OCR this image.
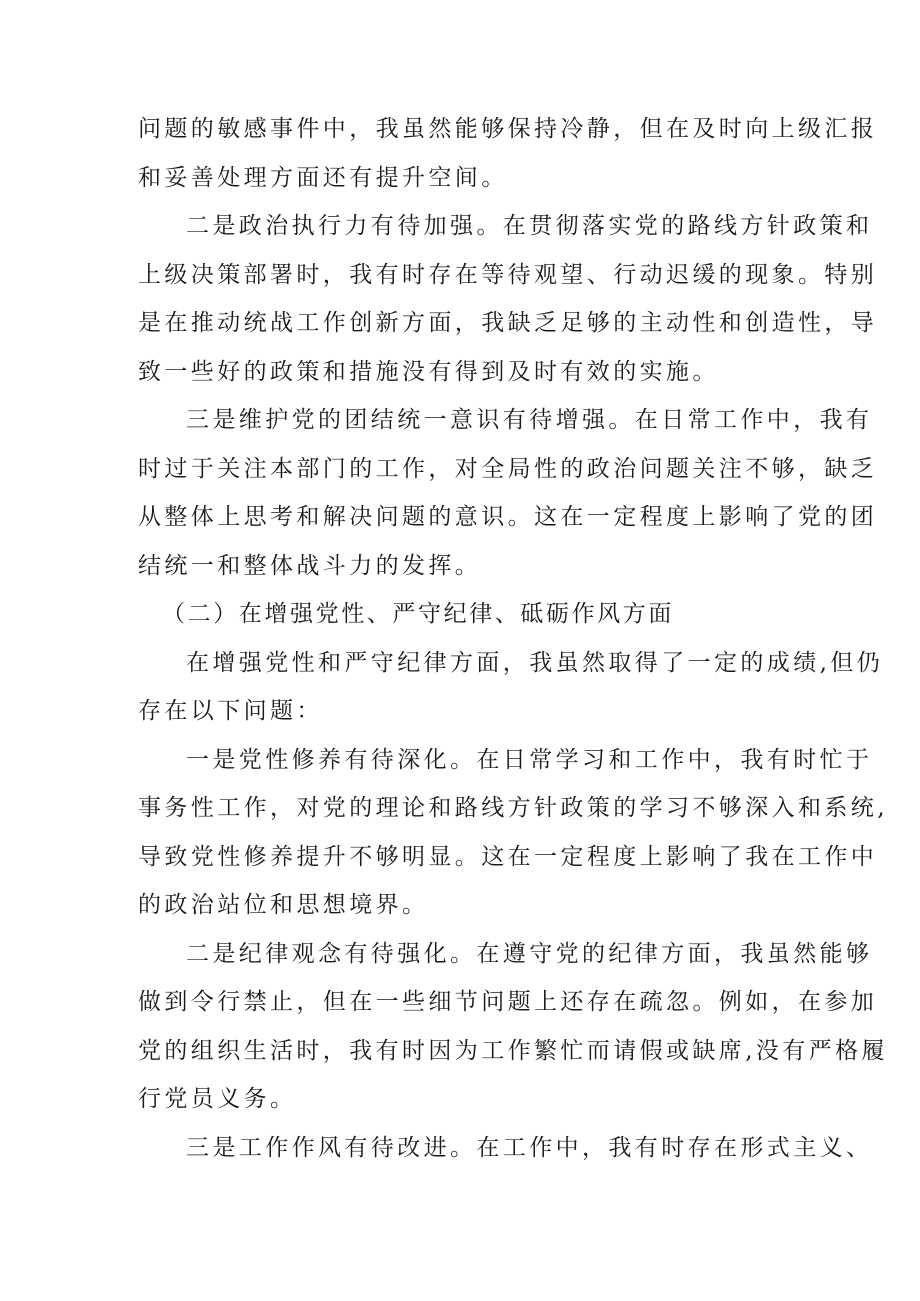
问题的敏感事件中，我虽然能够保持冷静，但在及时向上级汇报
和妥善处理方面还有提升空间。
二是政治执行力有待加强。在贯彻落实党的路线方针政策和
上级决策部署时，我有时存在等待观望、行动迟缓的现象。特别
是在推动统战工作创新方面，我缺乏足够的主动性和创造性，导
致一些好的政策和措施没有得到及时有效的实施。
三是维护党的团结统一意识有待增强。在日常工作中，我有
时过于关注本部门的工作，对全局性的政治问题关注不够，缺乏
从整体上思考和解决问题的意识。这在一定程度上影响了党的团
结统一和整体战斗力的发挥。
（二）在增强党性、严守纪律、砥砺作风方面
在增强党性和严守纪律方面，我虽然取得了一定的成绩,但仍
存在以下问题：
一是党性修养有待深化。在日常学习和工作中，我有时忙于
事务性工作，对党的理论和路线方针政策的学习不够深入和系统,
导致党性修养提升不够明显。这在一定程度上影响了我在工作中
的政治站位和思想境界。
二是纪律观念有待强化。在遵守党的纪律方面，我虽然能够
做到令行禁止，但在一些细节问题上还存在疏忽。例如，在参加
党的组织生活时，我有时因为工作繁忙而请假或缺席,没有严格履
行党员义务。
三是工作作风有待改进。在工作中，我有时存在形式主义、
